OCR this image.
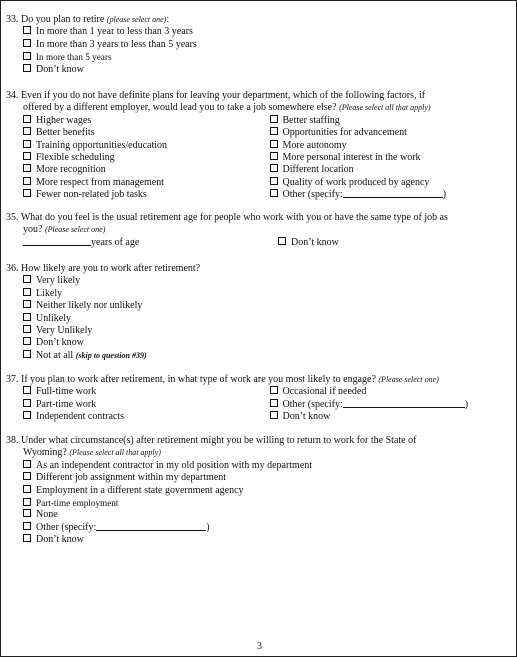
33. Do you plan to retire (please select one):
In more than 1 year to less than 3 years
In more than 3 years to less than 5 years
In more than 5 years
Don’t know
34. Even if you do not have definite plans for leaving your department, which of the following factors, if
offered by a different employer, would lead you to take a job somewhere else? (Please select all that apply)
Higher wages
Better benefits
Training opportunities/education
Flexible scheduling
More recognition
More respect from management
Fewer non-related job tasks
Better staffing
Opportunities for advancement
More autonomy
More personal interest in the work
Different location
Quality of work produced by agency
Other (specify:	)
35. What do you feel is the usual retirement age for people who work with you or have the same type of job as
you? (Please select one)
years of age	Don’t know
36. How likely are you to work after retirement?
Very likely
Likely
Neither likely nor unlikely
Unlikely
Very Unlikely
Don’t know
Not at all (skip to question #39)
37. If you plan to work after retirement, in what type of work are you most likely to engage? (Please select one)
Full-time work
Part-time work
Independent contracts
Occasional if needed
Other (specify:	)
Don’t know
38. Under what circumstance(s) after retirement might you be willing to return to work for the State of
Wyoming? (Please select all that apply)
As an independent contractor in my old position with my department
Different job assignment within my department
Employment in a different state government agency
Part-time employment
None
Other (specify:	)
Don’t know
3
